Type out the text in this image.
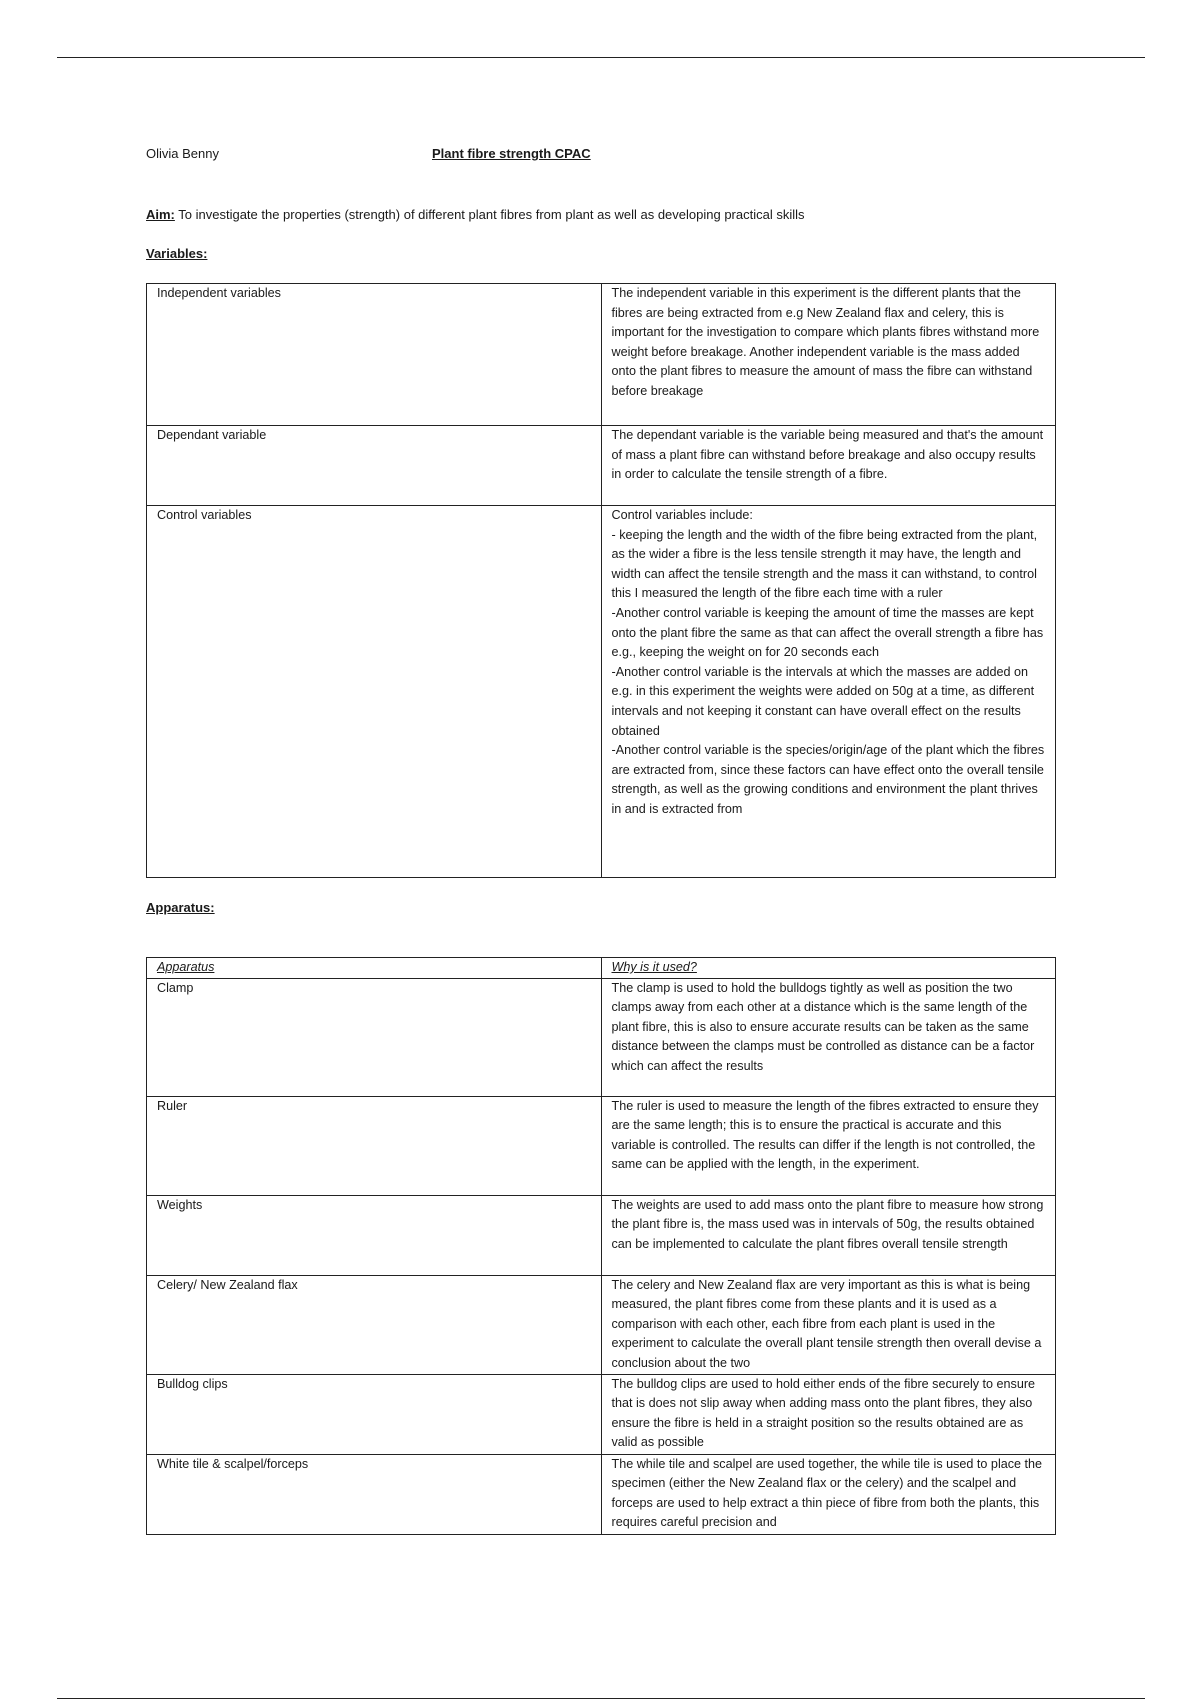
Olivia Benny	Plant fibre strength CPAC
Aim: To investigate the properties (strength) of different plant fibres from plant as well as developing practical skills
Variables:
Independent variables	The independent variable in this experiment is the different plants that the fibres are being extracted from e.g New Zealand flax and celery, this is important for the investigation to compare which plants fibres withstand more weight before breakage. Another independent variable is the mass added onto the plant fibres to measure the amount of mass the fibre can withstand before breakage
Dependant variable	The dependant variable is the variable being measured and that's the amount of mass a plant fibre can withstand before breakage and also occupy results in order to calculate the tensile strength of a fibre.
Control variables	Control variables include:
- keeping the length and the width of the fibre being extracted from the plant, as the wider a fibre is the less tensile strength it may have, the length and width can affect the tensile strength and the mass it can withstand, to control this I measured the length of the fibre each time with a ruler
-Another control variable is keeping the amount of time the masses are kept onto the plant fibre the same as that can affect the overall strength a fibre has e.g., keeping the weight on for 20 seconds each
-Another control variable is the intervals at which the masses are added on e.g. in this experiment the weights were added on 50g at a time, as different intervals and not keeping it constant can have overall effect on the results obtained
-Another control variable is the species/origin/age of the plant which the fibres are extracted from, since these factors can have effect onto the overall tensile strength, as well as the growing conditions and environment the plant thrives in and is extracted from
Apparatus:
Apparatus	Why is it used?
Clamp	The clamp is used to hold the bulldogs tightly as well as position the two clamps away from each other at a distance which is the same length of the plant fibre, this is also to ensure accurate results can be taken as the same distance between the clamps must be controlled as distance can be a factor which can affect the results
Ruler	The ruler is used to measure the length of the fibres extracted to ensure they are the same length; this is to ensure the practical is accurate and this variable is controlled. The results can differ if the length is not controlled, the same can be applied with the length, in the experiment.
Weights	The weights are used to add mass onto the plant fibre to measure how strong the plant fibre is, the mass used was in intervals of 50g, the results obtained can be implemented to calculate the plant fibres overall tensile strength
Celery/ New Zealand flax	The celery and New Zealand flax are very important as this is what is being measured, the plant fibres come from these plants and it is used as a comparison with each other, each fibre from each plant is used in the experiment to calculate the overall plant tensile strength then overall devise a conclusion about the two
Bulldog clips	The bulldog clips are used to hold either ends of the fibre securely to ensure that is does not slip away when adding mass onto the plant fibres, they also ensure the fibre is held in a straight position so the results obtained are as valid as possible
White tile & scalpel/forceps	The while tile and scalpel are used together, the while tile is used to place the specimen (either the New Zealand flax or the celery) and the scalpel and forceps are used to help extract a thin piece of fibre from both the plants, this requires careful precision and
